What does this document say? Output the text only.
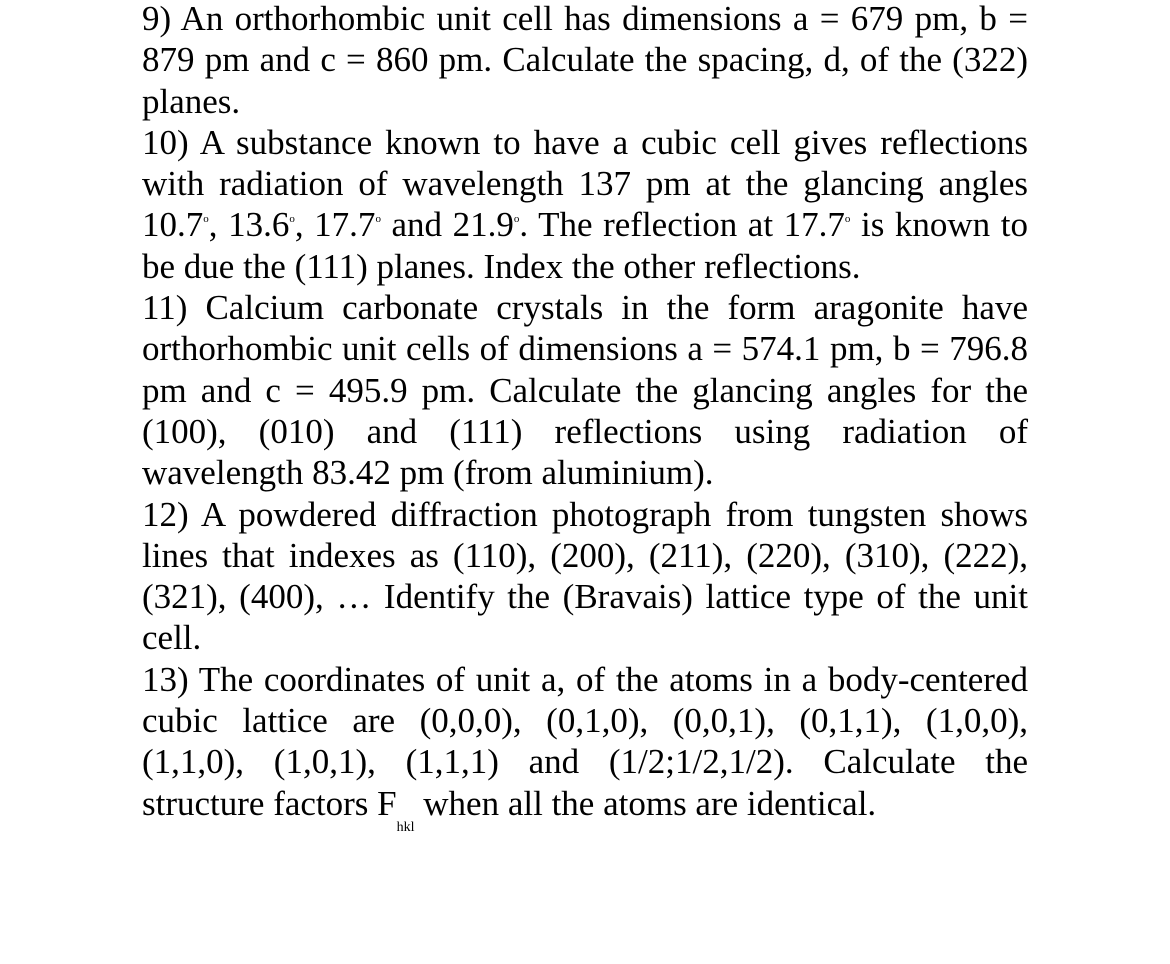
9) An orthorhombic unit cell has dimensions a = 679 pm, b = 879 pm and c = 860 pm. Calculate the spacing, d, of the (322) planes.

10) A substance known to have a cubic cell gives reflections with radiation of wavelength 137 pm at the glancing angles 10.7$^o$, 13.6$^o$, 17.7$^o$ and 21.9$^o$. The reflection at 17.7$^o$ is known to be due the (111) planes. Index the other reflections.

11) Calcium carbonate crystals in the form aragonite have orthorhombic unit cells of dimensions a = 574.1 pm, b = 796.8 pm and c = 495.9 pm. Calculate the glancing angles for the (100), (010) and (111) reflections using radiation of wavelength 83.42 pm (from aluminium).

12) A powdered diffraction photograph from tungsten shows lines that indexes as (110), (200), (211), (220), (310), (222), (321), (400), … Identify the (Bravais) lattice type of the unit cell.

13) The coordinates of unit a, of the atoms in a body-centered cubic lattice are (0,0,0), (0,1,0), (0,0,1), (0,1,1), (1,0,0), (1,1,0), (1,0,1), (1,1,1) and (1/2;1/2,1/2). Calculate the structure factors $F_{hkl}$ when all the atoms are identical.
